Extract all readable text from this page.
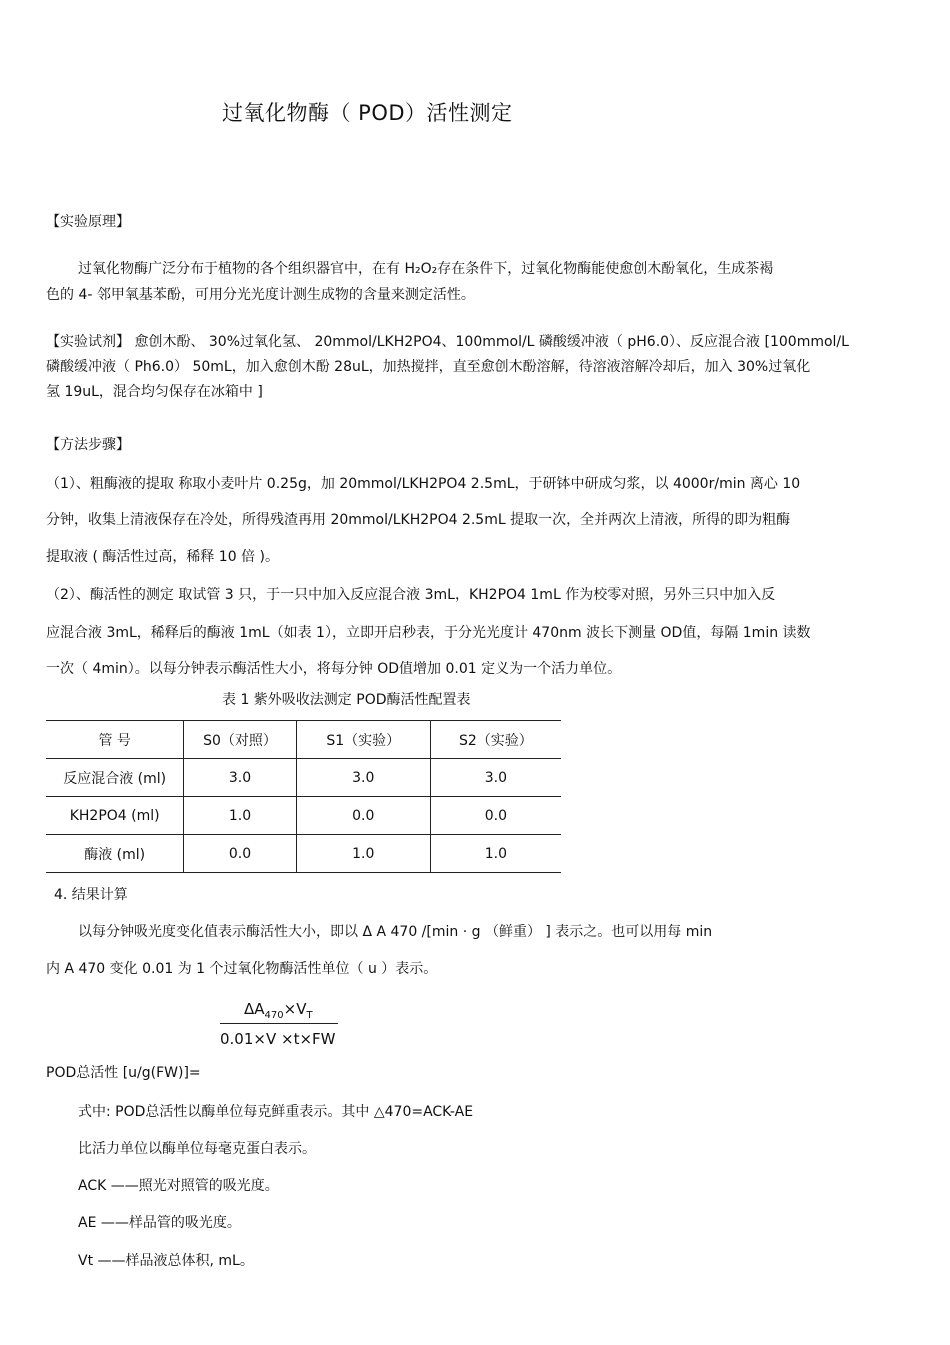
过氧化物酶（ POD）活性测定
【实验原理】
过氧化物酶广泛分布于植物的各个组织器官中，在有 H₂O₂存在条件下，过氧化物酶能使愈创木酚氧化，生成茶褐
色的 4- 邻甲氧基苯酚，可用分光光度计测生成物的含量来测定活性。
【实验试剂】 愈创木酚、 30%过氧化氢、 20mmol/LKH2PO4、100mmol/L 磷酸缓冲液（ pH6.0）、反应混合液 [100mmol/L
磷酸缓冲液（ Ph6.0） 50mL，加入愈创木酚 28uL，加热搅拌，直至愈创木酚溶解，待溶液溶解冷却后，加入 30%过氧化
氢 19uL，混合均匀保存在冰箱中 ]
【方法步骤】
（1）、粗酶液的提取 称取小麦叶片 0.25g，加 20mmol/LKH2PO4 2.5mL，于研钵中研成匀浆，以 4000r/min 离心 10
分钟，收集上清液保存在冷处，所得残渣再用 20mmol/LKH2PO4 2.5mL 提取一次，全并两次上清液，所得的即为粗酶
提取液 ( 酶活性过高，稀释 10 倍 )。
（2）、酶活性的测定 取试管 3 只，于一只中加入反应混合液 3mL，KH2PO4 1mL 作为校零对照，另外三只中加入反
应混合液 3mL，稀释后的酶液 1mL（如表 1），立即开启秒表，于分光光度计 470nm 波长下测量 OD值，每隔 1min 读数
一次（ 4min）。以每分钟表示酶活性大小，将每分钟 OD值增加 0.01 定义为一个活力单位。
表 1 紫外吸收法测定 POD酶活性配置表
管 号	S0（对照）	S1（实验）	S2（实验）
反应混合液 (ml)	3.0	3.0	3.0
KH2PO4 (ml)	1.0	0.0	0.0
酶液 (ml)	0.0	1.0	1.0
4. 结果计算
以每分钟吸光度变化值表示酶活性大小，即以 Δ A 470 /[min · g （鲜重） ] 表示之。也可以用每 min
内 A 470 变化 0.01 为 1 个过氧化物酶活性单位（ u ）表示。
$\Delta A_{470}\times V_T$
0.01×V ×t×FW
POD总活性 [u/g(FW)]=
式中: POD总活性以酶单位每克鲜重表示。其中 △470=ACK-AE
比活力单位以酶单位每毫克蛋白表示。
ACK ——照光对照管的吸光度。
AE ——样品管的吸光度。
Vt ——样品液总体积, mL。
